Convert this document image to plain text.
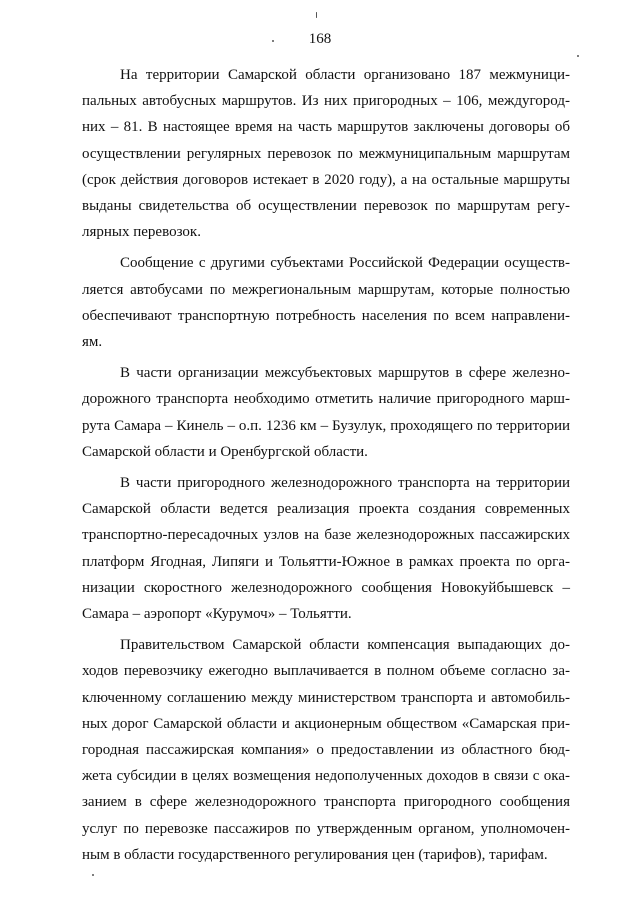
168

На территории Самарской области организовано 187 межмуниципальных автобусных маршрутов. Из них пригородных – 106, междугородних – 81. В настоящее время на часть маршрутов заключены договоры об осуществлении регулярных перевозок по межмуниципальным маршрутам (срок действия договоров истекает в 2020 году), а на остальные маршруты выданы свидетельства об осуществлении перевозок по маршрутам регулярных перевозок.

Сообщение с другими субъектами Российской Федерации осуществляется автобусами по межрегиональным маршрутам, которые полностью обеспечивают транспортную потребность населения по всем направлениям.

В части организации межсубъектовых маршрутов в сфере железнодорожного транспорта необходимо отметить наличие пригородного маршрута Самара – Кинель – о.п. 1236 км – Бузулук, проходящего по территории Самарской области и Оренбургской области.

В части пригородного железнодорожного транспорта на территории Самарской области ведется реализация проекта создания современных транспортно-пересадочных узлов на базе железнодорожных пассажирских платформ Ягодная, Липяги и Тольятти-Южное в рамках проекта по организации скоростного железнодорожного сообщения Новокуйбышевск – Самара – аэропорт «Курумоч» – Тольятти.

Правительством Самарской области компенсация выпадающих доходов перевозчику ежегодно выплачивается в полном объеме согласно заключенному соглашению между министерством транспорта и автомобильных дорог Самарской области и акционерным обществом «Самарская пригородная пассажирская компания» о предоставлении из областного бюджета субсидии в целях возмещения недополученных доходов в связи с оказанием в сфере железнодорожного транспорта пригородного сообщения услуг по перевозке пассажиров по утвержденным органом, уполномоченным в области государственного регулирования цен (тарифов), тарифам.
